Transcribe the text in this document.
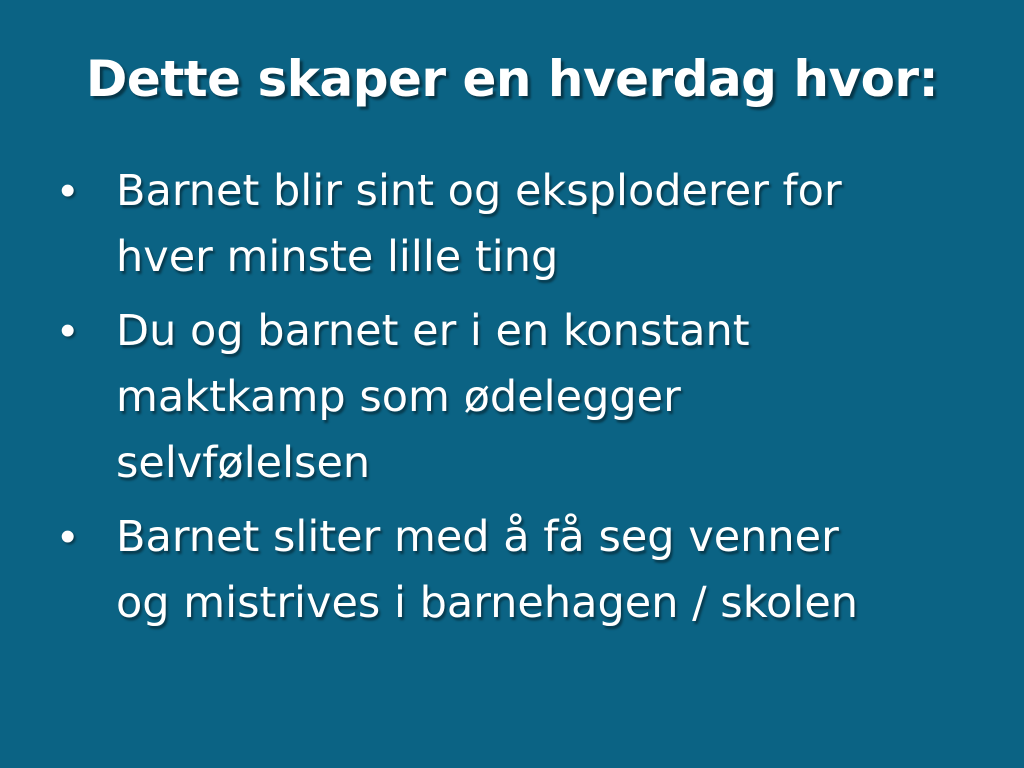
Dette skaper en hverdag hvor:
• Barnet blir sint og eksploderer for hver minste lille ting
• Du og barnet er i en konstant maktkamp som ødelegger selvfølelsen
• Barnet sliter med å få seg venner og mistrives i barnehagen / skolen
